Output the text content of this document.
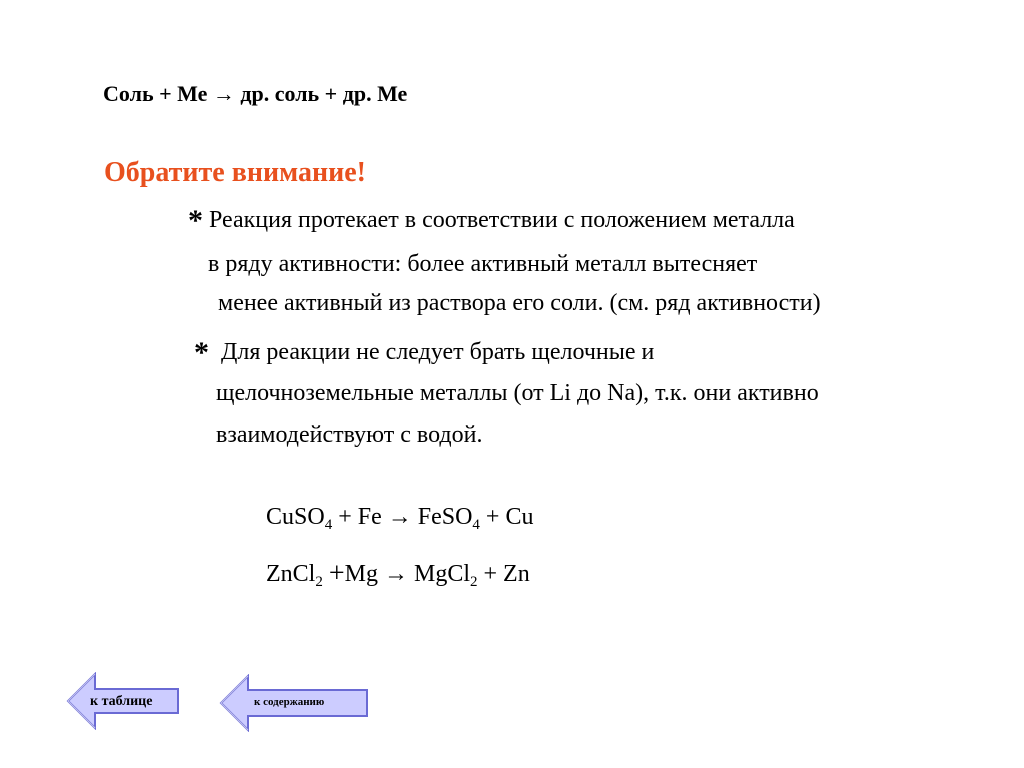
Соль + Ме → др. соль + др. Ме
Обратите внимание!
* Реакция протекает в соответствии с положением металла
в ряду активности: более активный металл вытесняет
менее активный из раствора его соли. (см. ряд активности)
* Для реакции не следует брать щелочные и
щелочноземельные металлы (от Li до Na), т.к. они активно
взаимодействуют с водой.
CuSO$_4$ + Fe → FeSO$_4$ + Cu
ZnCl$_2$ +Mg → MgCl$_2$ + Zn
к таблице	к содержанию
